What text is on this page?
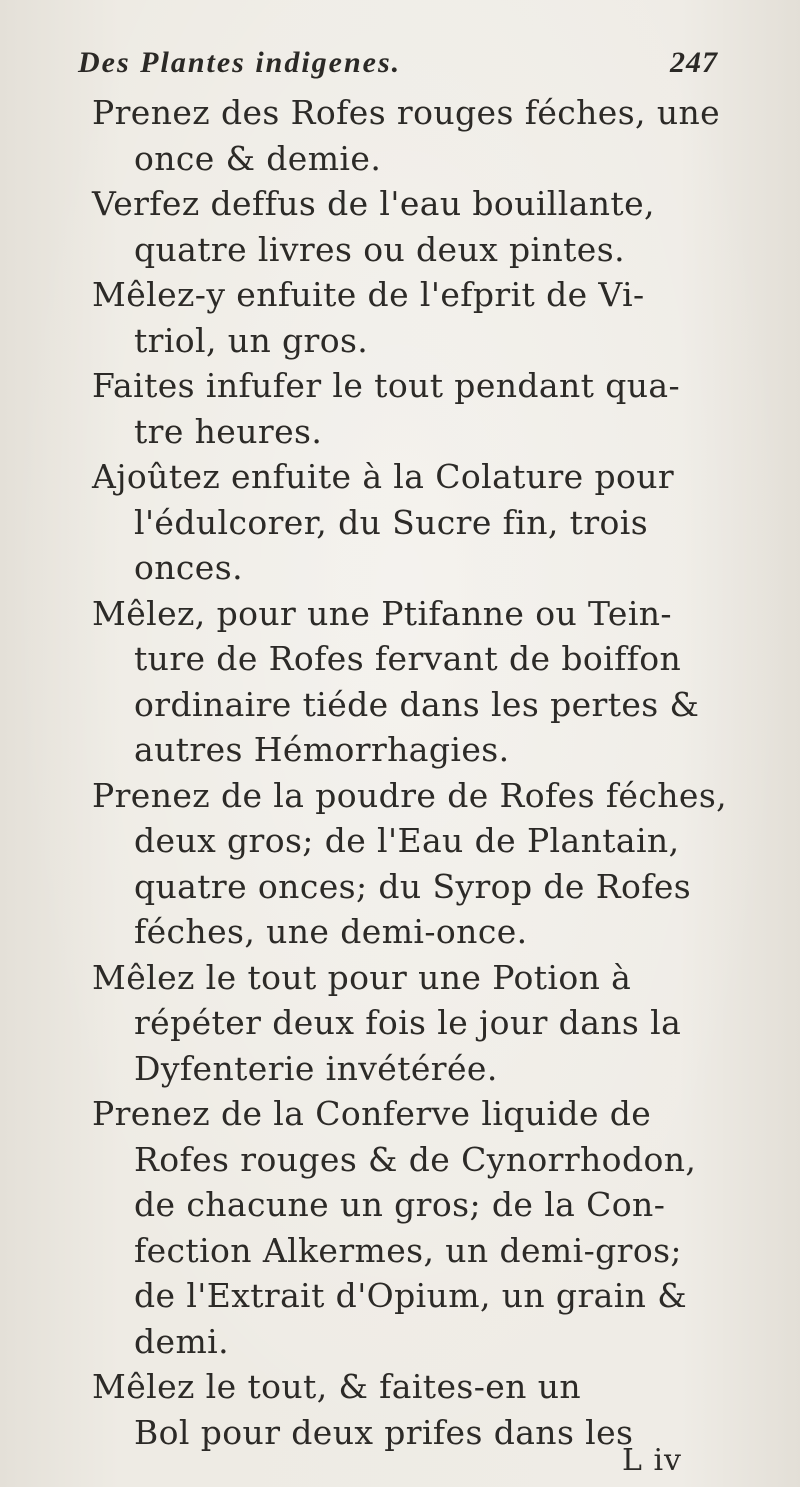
Des Plantes indigenes.	247
Prenez des Rofes rouges féches, une
once & demie.
Verfez deffus de l'eau bouillante,
quatre livres ou deux pintes.
Mêlez-y enfuite de l'efprit de Vi-
triol, un gros.
Faites infufer le tout pendant qua-
tre heures.
Ajoûtez enfuite à la Colature pour
l'édulcorer, du Sucre fin, trois
onces.
Mêlez, pour une Ptifanne ou Tein-
ture de Rofes fervant de boiffon
ordinaire tiéde dans les pertes &
autres Hémorrhagies.
Prenez de la poudre de Rofes féches,
deux gros; de l'Eau de Plantain,
quatre onces; du Syrop de Rofes
féches, une demi-once.
Mêlez le tout pour une Potion à
répéter deux fois le jour dans la
Dyfenterie invétérée.
Prenez de la Conferve liquide de
Rofes rouges & de Cynorrhodon,
de chacune un gros; de la Con-
fection Alkermes, un demi-gros;
de l'Extrait d'Opium, un grain &
demi.
Mêlez le tout, & faites-en un
Bol pour deux prifes dans les
L iv
